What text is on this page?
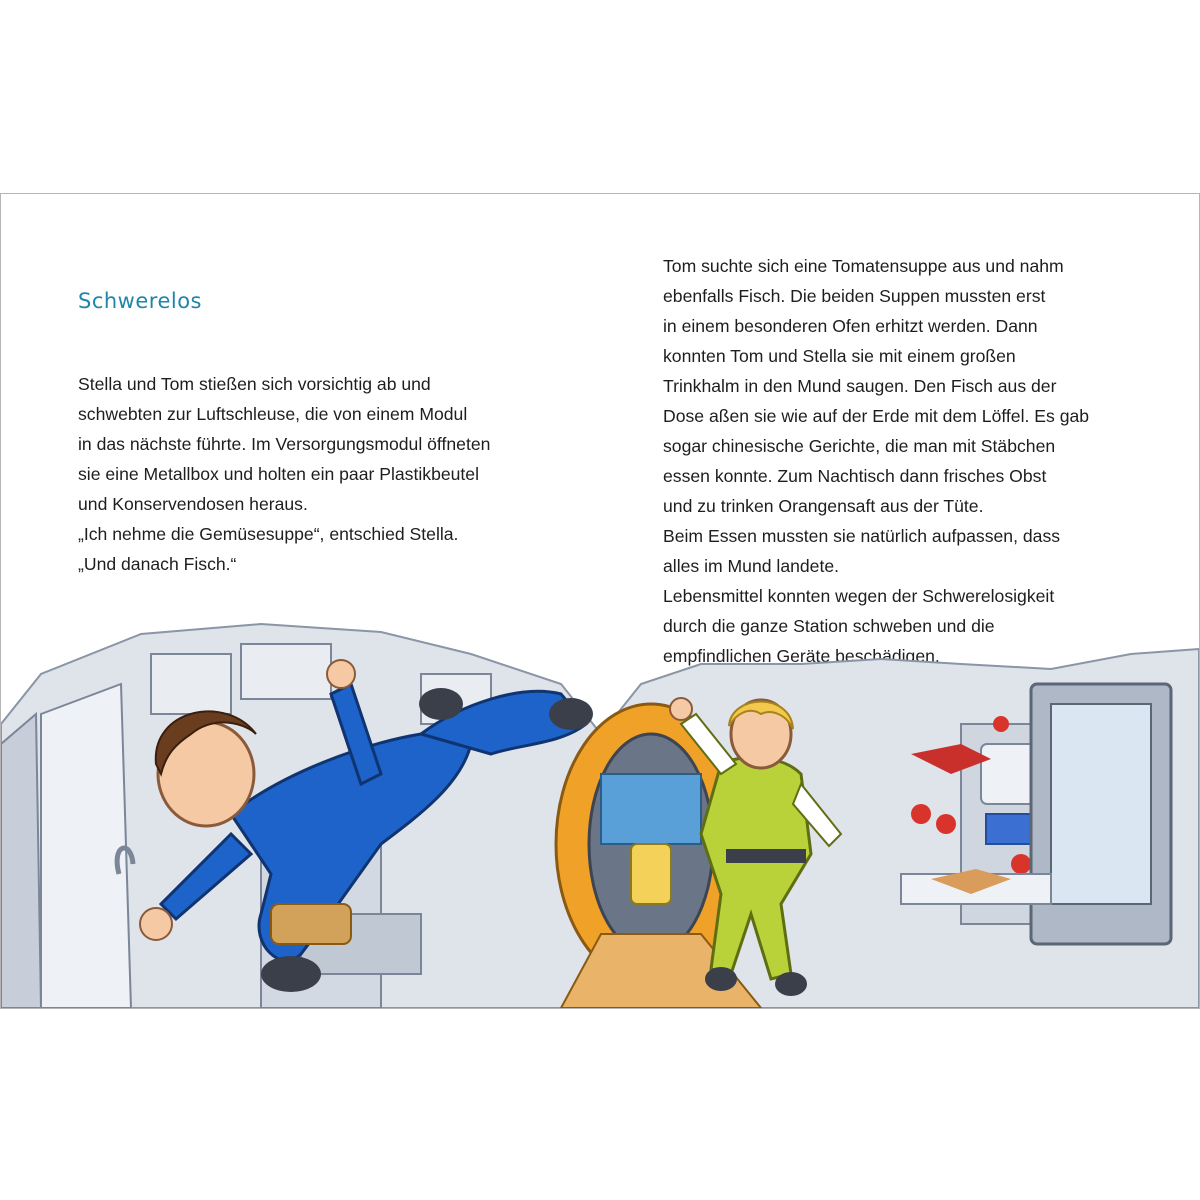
Schwerelos
Stella und Tom stießen sich vorsichtig ab und
schwebten zur Luftschleuse, die von einem Modul
in das nächste führte. Im Versorgungsmodul öffneten
sie eine Metallbox und holten ein paar Plastikbeutel
und Konservendosen heraus.
„Ich nehme die Gemüsesuppe“, entschied Stella.
„Und danach Fisch.“
Tom suchte sich eine Tomatensuppe aus und nahm
ebenfalls Fisch. Die beiden Suppen mussten erst
in einem besonderen Ofen erhitzt werden. Dann
konnten Tom und Stella sie mit einem großen
Trinkhalm in den Mund saugen. Den Fisch aus der
Dose aßen sie wie auf der Erde mit dem Löffel. Es gab
sogar chinesische Gerichte, die man mit Stäbchen
essen konnte. Zum Nachtisch dann frisches Obst
und zu trinken Orangensaft aus der Tüte.
Beim Essen mussten sie natürlich aufpassen, dass
alles im Mund landete.
Lebensmittel konnten wegen der Schwerelosigkeit
durch die ganze Station schweben und die
empfindlichen Geräte beschädigen.
